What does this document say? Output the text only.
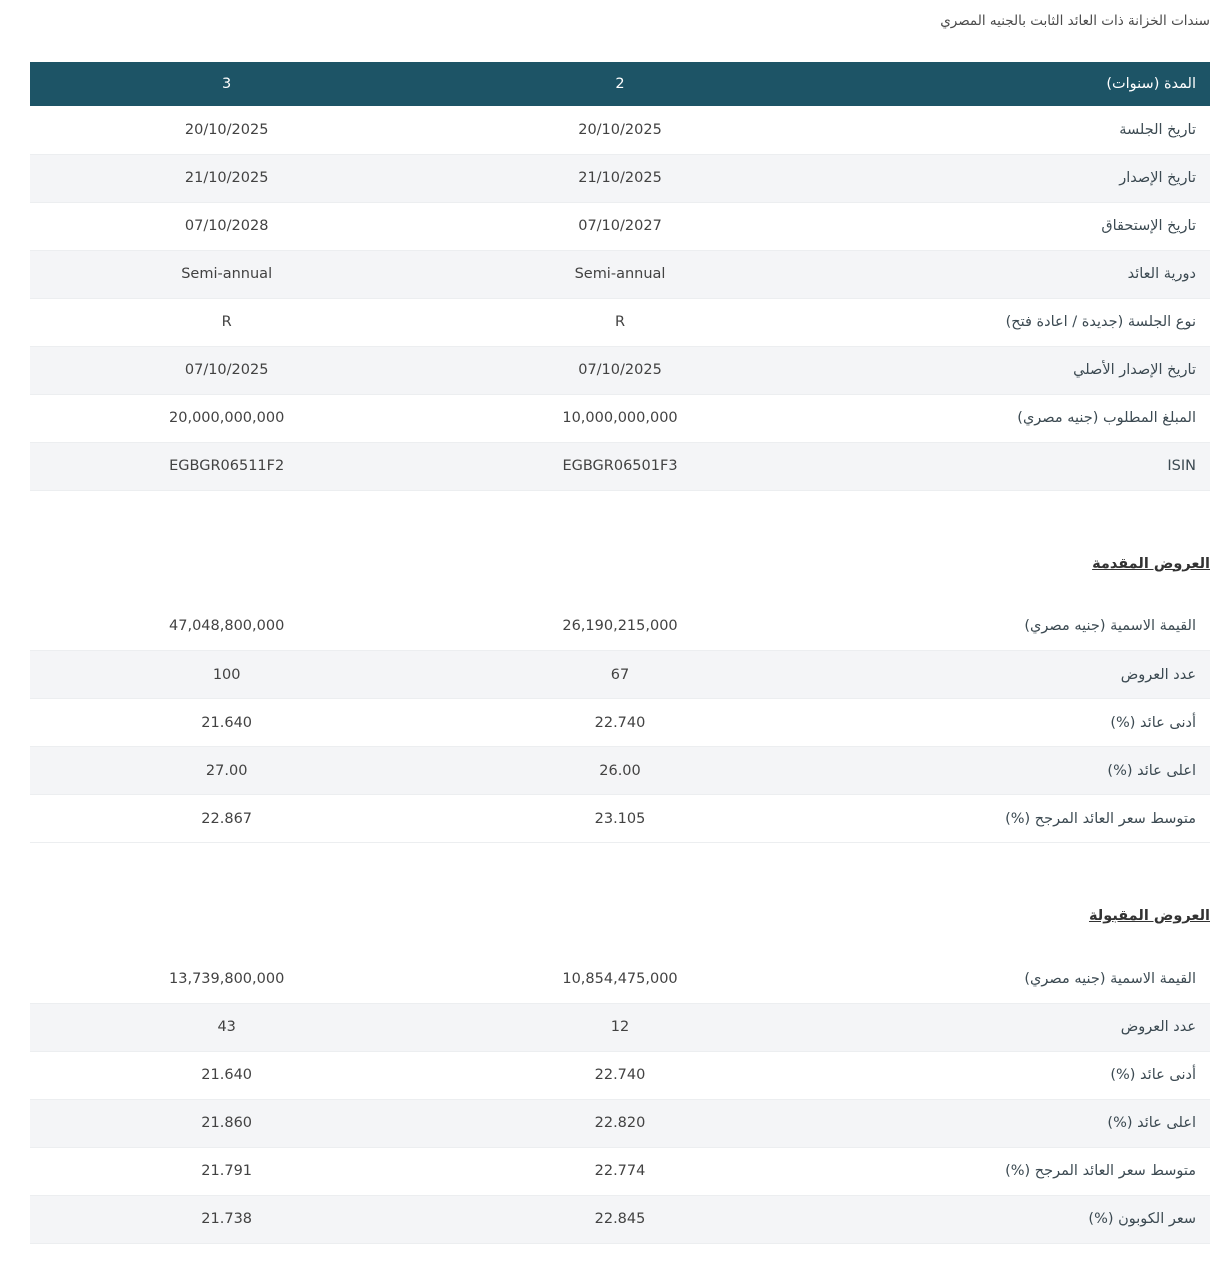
سندات الخزانة ذات العائد الثابت بالجنيه المصري
المدة (سنوات)	2	3
تاريخ الجلسة	20/10/2025	20/10/2025
تاريخ الإصدار	21/10/2025	21/10/2025
تاريخ الإستحقاق	07/10/2027	07/10/2028
دورية العائد	Semi-annual	Semi-annual
نوع الجلسة (جديدة / اعادة فتح)	R	R
تاريخ الإصدار الأصلي	07/10/2025	07/10/2025
المبلغ المطلوب (جنيه مصري)	10,000,000,000	20,000,000,000
ISIN	EGBGR06501F3	EGBGR06511F2
العروض المقدمة
القيمة الاسمية (جنيه مصري)	26,190,215,000	47,048,800,000
عدد العروض	67	100
أدنى عائد (%)	22.740	21.640
اعلى عائد (%)	26.00	27.00
متوسط سعر العائد المرجح (%)	23.105	22.867
العروض المقبولة
القيمة الاسمية (جنيه مصري)	10,854,475,000	13,739,800,000
عدد العروض	12	43
أدنى عائد (%)	22.740	21.640
اعلى عائد (%)	22.820	21.860
متوسط سعر العائد المرجح (%)	22.774	21.791
سعر الكوبون (%)	22.845	21.738
